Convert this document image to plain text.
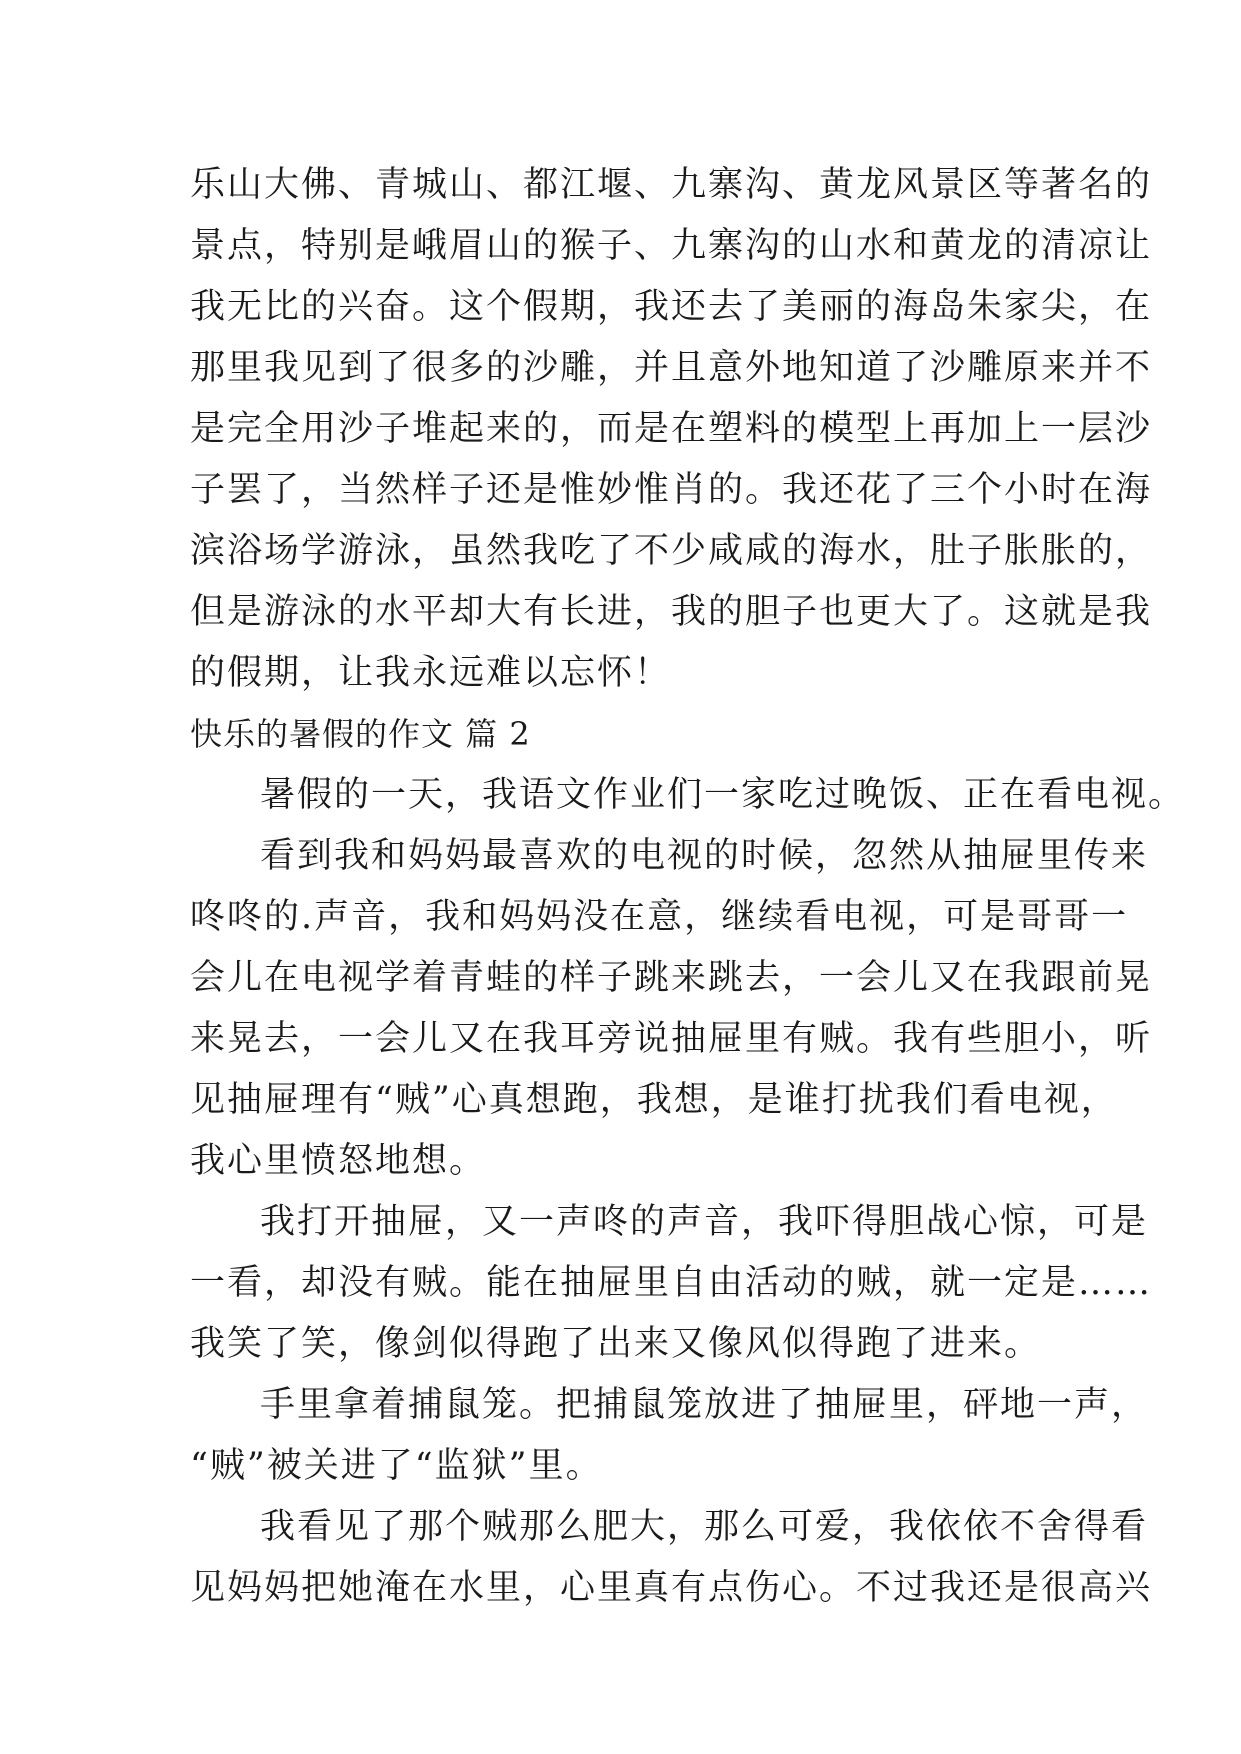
乐山大佛、青城山、都江堰、九寨沟、黄龙风景区等著名的
景点，特别是峨眉山的猴子、九寨沟的山水和黄龙的清凉让
我无比的兴奋。这个假期，我还去了美丽的海岛朱家尖，在
那里我见到了很多的沙雕，并且意外地知道了沙雕原来并不
是完全用沙子堆起来的，而是在塑料的模型上再加上一层沙
子罢了，当然样子还是惟妙惟肖的。我还花了三个小时在海
滨浴场学游泳，虽然我吃了不少咸咸的海水，肚子胀胀的，
但是游泳的水平却大有长进，我的胆子也更大了。这就是我
的假期，让我永远难以忘怀！
快乐的暑假的作文 篇 2
暑假的一天，我语文作业们一家吃过晚饭、正在看电视。
看到我和妈妈最喜欢的电视的时候，忽然从抽屉里传来
咚咚的.声音，我和妈妈没在意，继续看电视，可是哥哥一
会儿在电视学着青蛙的样子跳来跳去，一会儿又在我跟前晃
来晃去，一会儿又在我耳旁说抽屉里有贼。我有些胆小，听
见抽屉理有“贼”心真想跑，我想，是谁打扰我们看电视，
我心里愤怒地想。
我打开抽屉，又一声咚的声音，我吓得胆战心惊，可是
一看，却没有贼。能在抽屉里自由活动的贼，就一定是……
我笑了笑，像剑似得跑了出来又像风似得跑了进来。
手里拿着捕鼠笼。把捕鼠笼放进了抽屉里，砰地一声，
“贼”被关进了“监狱”里。
我看见了那个贼那么肥大，那么可爱，我依依不舍得看
见妈妈把她淹在水里，心里真有点伤心。不过我还是很高兴
